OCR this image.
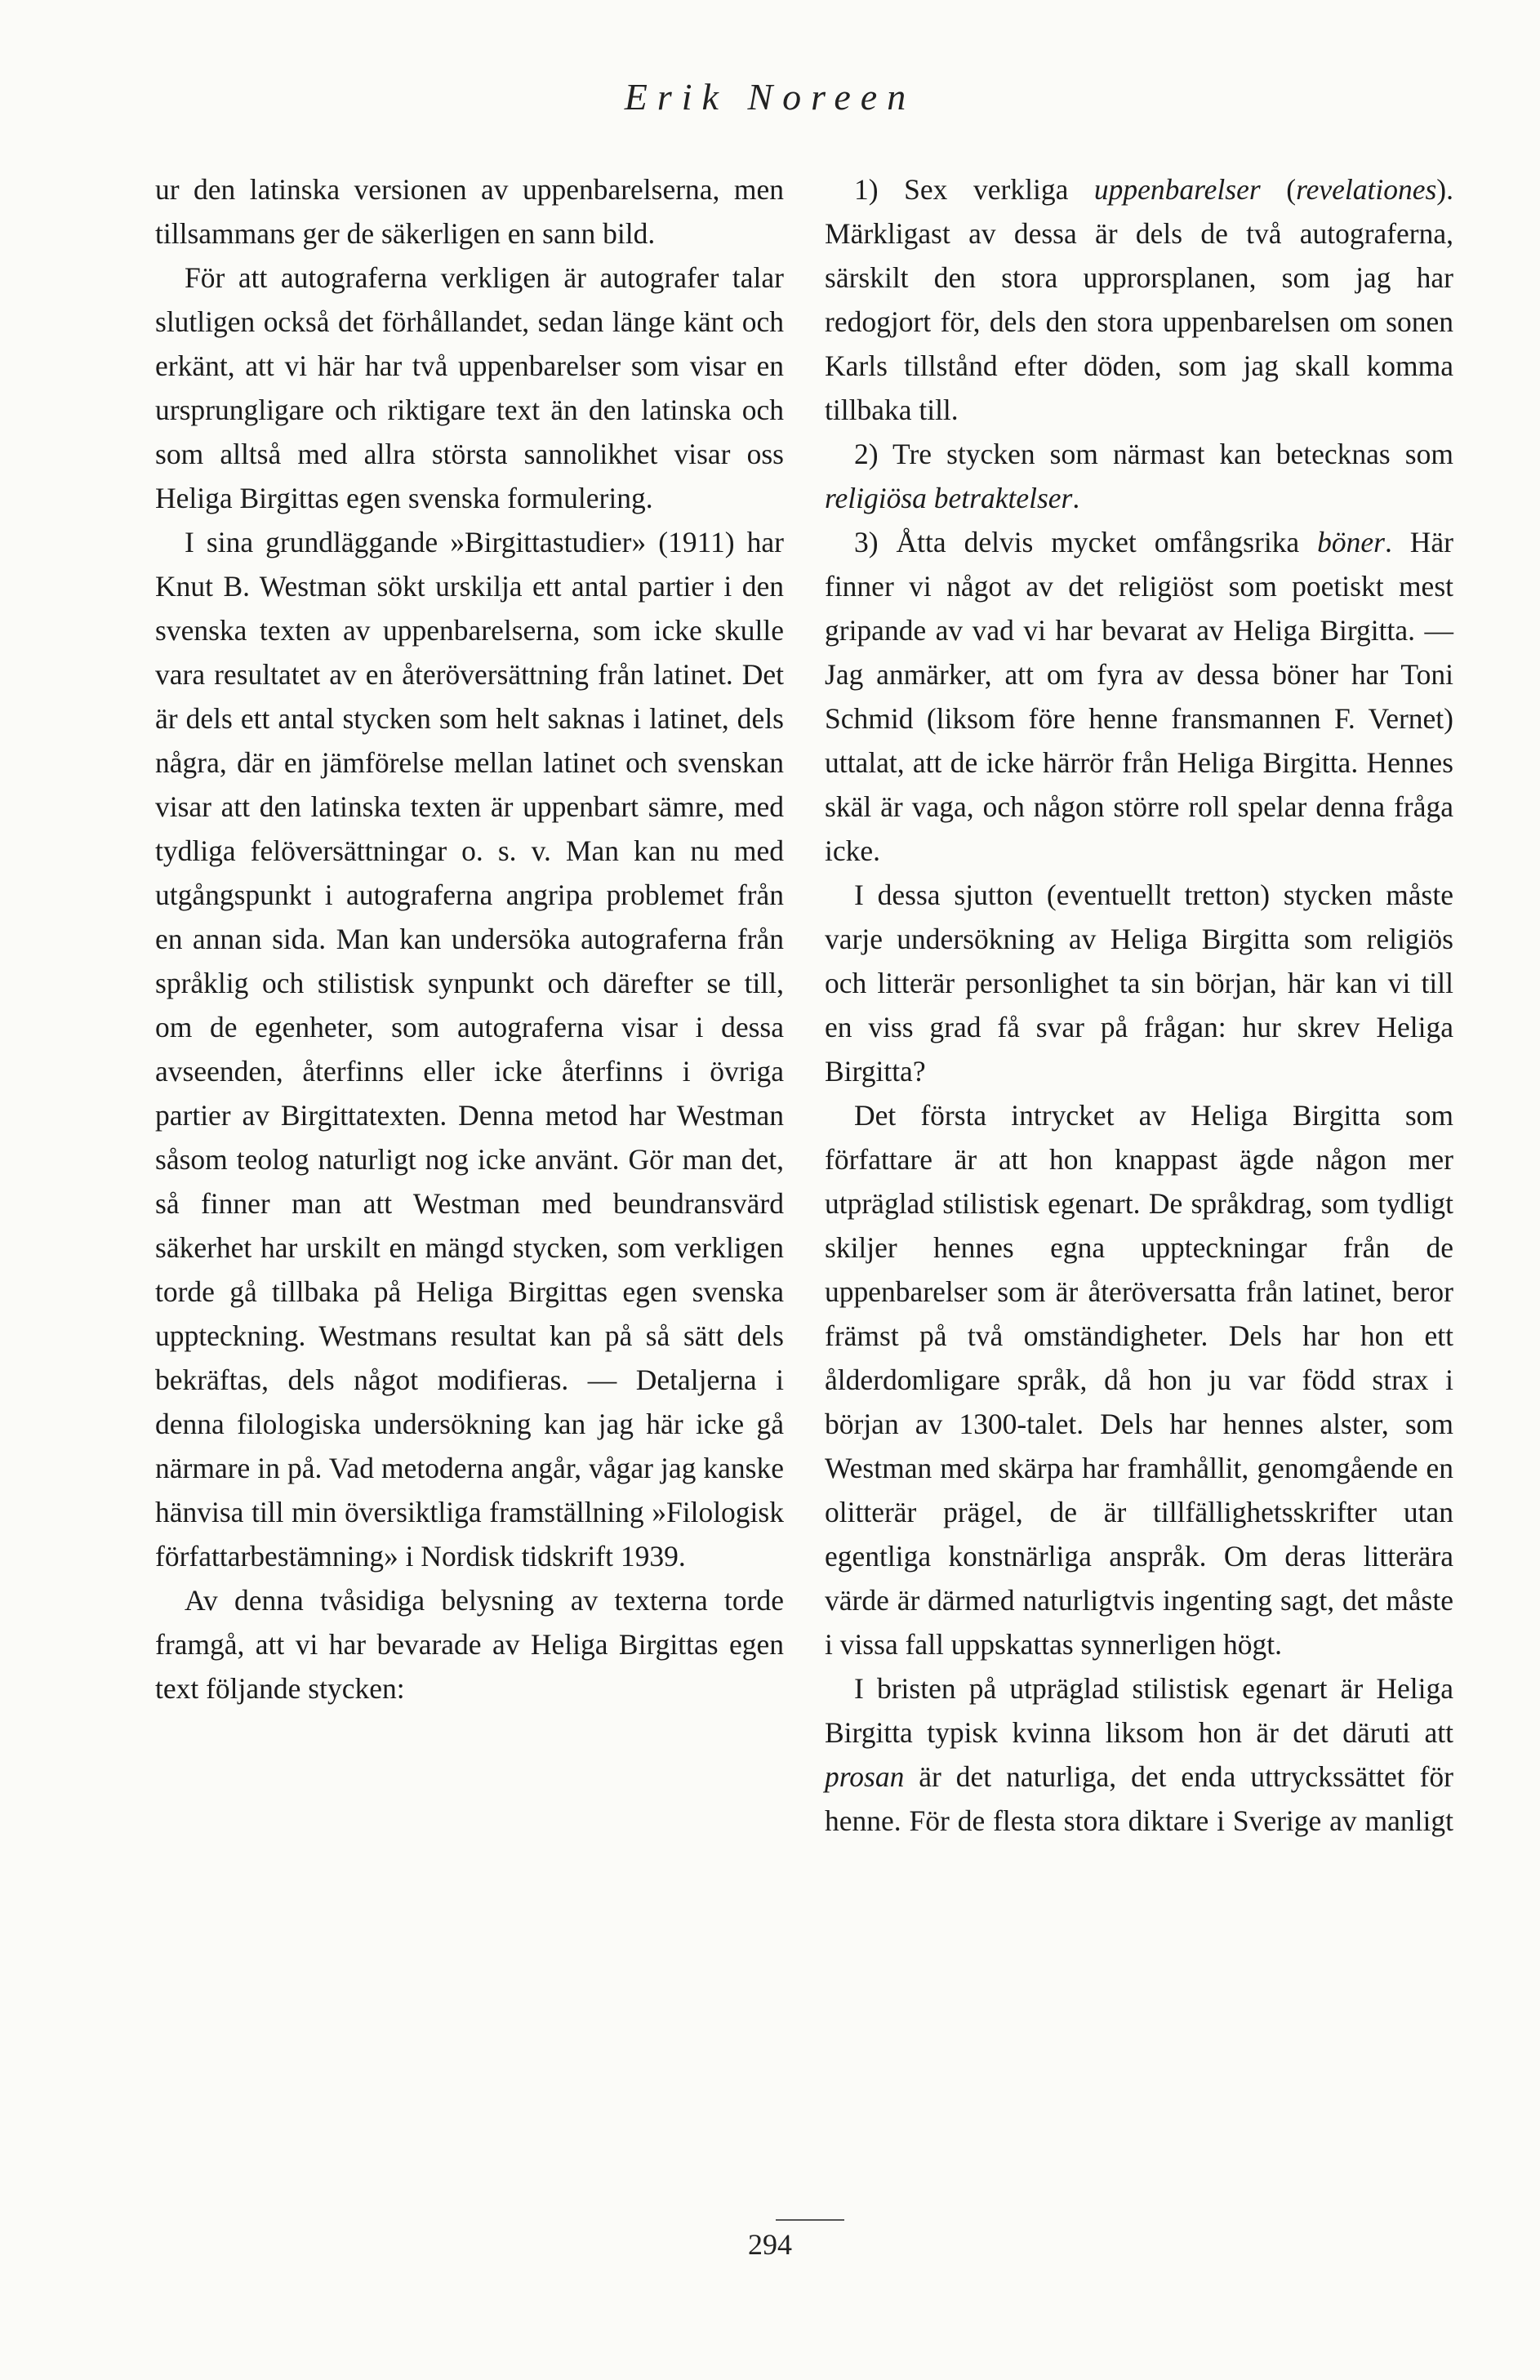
Erik Noreen

ur den latinska versionen av uppenbarelserna, men tillsammans ger de säkerligen en sann bild.

För att autograferna verkligen är autografer talar slutligen också det förhållandet, sedan länge känt och erkänt, att vi här har två uppenbarelser som visar en ursprungligare och riktigare text än den latinska och som alltså med allra största sannolikhet visar oss Heliga Birgittas egen svenska formulering.

I sina grundläggande »Birgittastudier» (1911) har Knut B. Westman sökt urskilja ett antal partier i den svenska texten av uppenbarelserna, som icke skulle vara resultatet av en återöversättning från latinet. Det är dels ett antal stycken som helt saknas i latinet, dels några, där en jämförelse mellan latinet och svenskan visar att den latinska texten är uppenbart sämre, med tydliga felöversättningar o. s. v. Man kan nu med utgångspunkt i autograferna angripa problemet från en annan sida. Man kan undersöka autograferna från språklig och stilistisk synpunkt och därefter se till, om de egenheter, som autograferna visar i dessa avseenden, återfinns eller icke återfinns i övriga partier av Birgittatexten. Denna metod har Westman såsom teolog naturligt nog icke använt. Gör man det, så finner man att Westman med beundransvärd säkerhet har urskilt en mängd stycken, som verkligen torde gå tillbaka på Heliga Birgittas egen svenska uppteckning. Westmans resultat kan på så sätt dels bekräftas, dels något modifieras. — Detaljerna i denna filologiska undersökning kan jag här icke gå närmare in på. Vad metoderna angår, vågar jag kanske hänvisa till min översiktliga framställning »Filologisk författarbestämning» i Nordisk tidskrift 1939.

Av denna tvåsidiga belysning av texterna torde framgå, att vi har bevarade av Heliga Birgittas egen text följande stycken:

1) Sex verkliga uppenbarelser (revelationes). Märkligast av dessa är dels de två autograferna, särskilt den stora upprorsplanen, som jag har redogjort för, dels den stora uppenbarelsen om sonen Karls tillstånd efter döden, som jag skall komma tillbaka till.

2) Tre stycken som närmast kan betecknas som religiösa betraktelser.

3) Åtta delvis mycket omfångsrika böner. Här finner vi något av det religiöst som poetiskt mest gripande av vad vi har bevarat av Heliga Birgitta. — Jag anmärker, att om fyra av dessa böner har Toni Schmid (liksom före henne fransmannen F. Vernet) uttalat, att de icke härrör från Heliga Birgitta. Hennes skäl är vaga, och någon större roll spelar denna fråga icke.

I dessa sjutton (eventuellt tretton) stycken måste varje undersökning av Heliga Birgitta som religiös och litterär personlighet ta sin början, här kan vi till en viss grad få svar på frågan: hur skrev Heliga Birgitta?

Det första intrycket av Heliga Birgitta som författare är att hon knappast ägde någon mer utpräglad stilistisk egenart. De språkdrag, som tydligt skiljer hennes egna uppteckningar från de uppenbarelser som är återöversatta från latinet, beror främst på två omständigheter. Dels har hon ett ålderdomligare språk, då hon ju var född strax i början av 1300-talet. Dels har hennes alster, som Westman med skärpa har framhållit, genomgående en olitterär prägel, de är tillfällighetsskrifter utan egentliga konstnärliga anspråk. Om deras litterära värde är därmed naturligtvis ingenting sagt, det måste i vissa fall uppskattas synnerligen högt.

I bristen på utpräglad stilistisk egenart är Heliga Birgitta typisk kvinna liksom hon är det däruti att prosan är det naturliga, det enda uttryckssättet för henne. För de flesta stora diktare i Sverige av manligt

294
